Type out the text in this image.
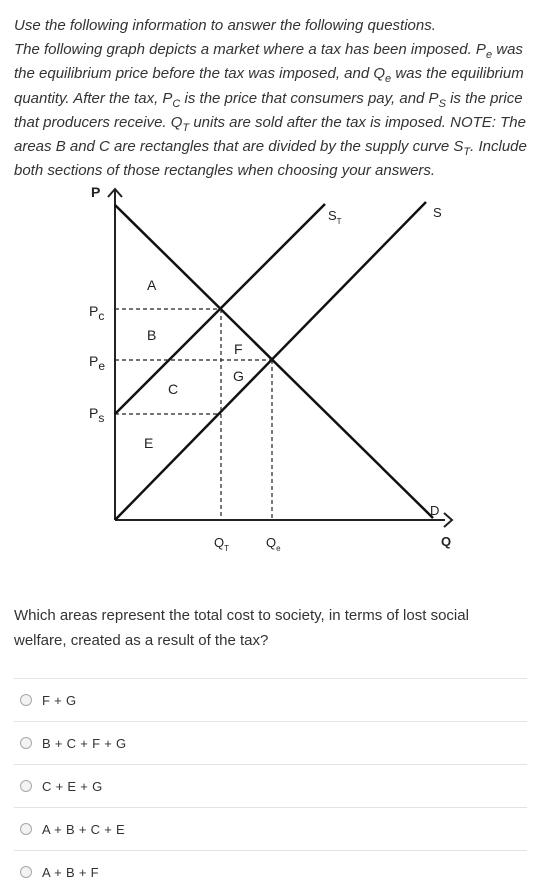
Use the following information to answer the following questions.
The following graph depicts a market where a tax has been imposed. $P_e$ was the equilibrium price before the tax was imposed, and $Q_e$ was the equilibrium quantity. After the tax, $P_C$ is the price that consumers pay, and $P_S$ is the price that producers receive. $Q_T$ units are sold after the tax is imposed. NOTE: The areas B and C are rectangles that are divided by the supply curve $S_T$. Include both sections of those rectangles when choosing your answers.
P
Q
Pc
Pe
Ps
$Q_T$	$Q_e$
$S_T$
S
D
A
B
C
E
F
G
Which areas represent the total cost to society, in terms of lost social welfare, created as a result of the tax?
F + G
B + C + F + G
C + E + G
A + B + C + E
A + B + F
